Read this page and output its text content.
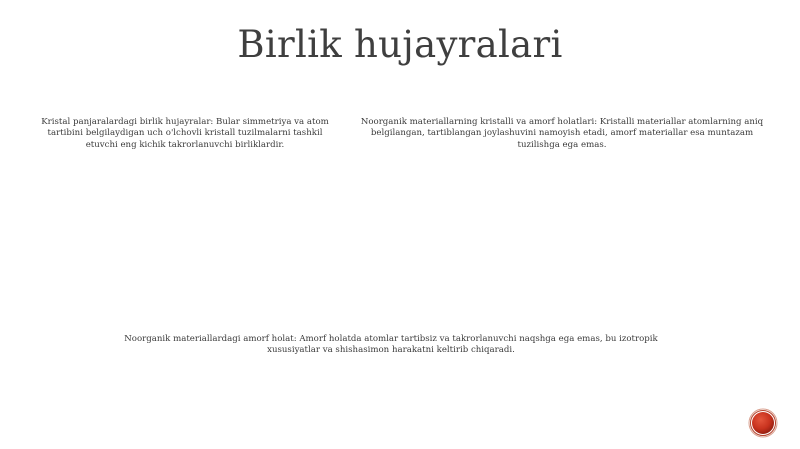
Birlik hujayralari
Kristal panjaralardagi birlik hujayralar: Bular simmetriya va atom tartibini belgilaydigan uch o'lchovli kristall tuzilmalarni tashkil etuvchi eng kichik takrorlanuvchi birliklardir.
Noorganik materiallarning kristalli va amorf holatlari: Kristalli materiallar atomlarning aniq belgilangan, tartiblangan joylashuvini namoyish etadi, amorf materiallar esa muntazam tuzilishga ega emas.
Noorganik materiallardagi amorf holat: Amorf holatda atomlar tartibsiz va takrorlanuvchi naqshga ega emas, bu izotropik xususiyatlar va shishasimon harakatni keltirib chiqaradi.
